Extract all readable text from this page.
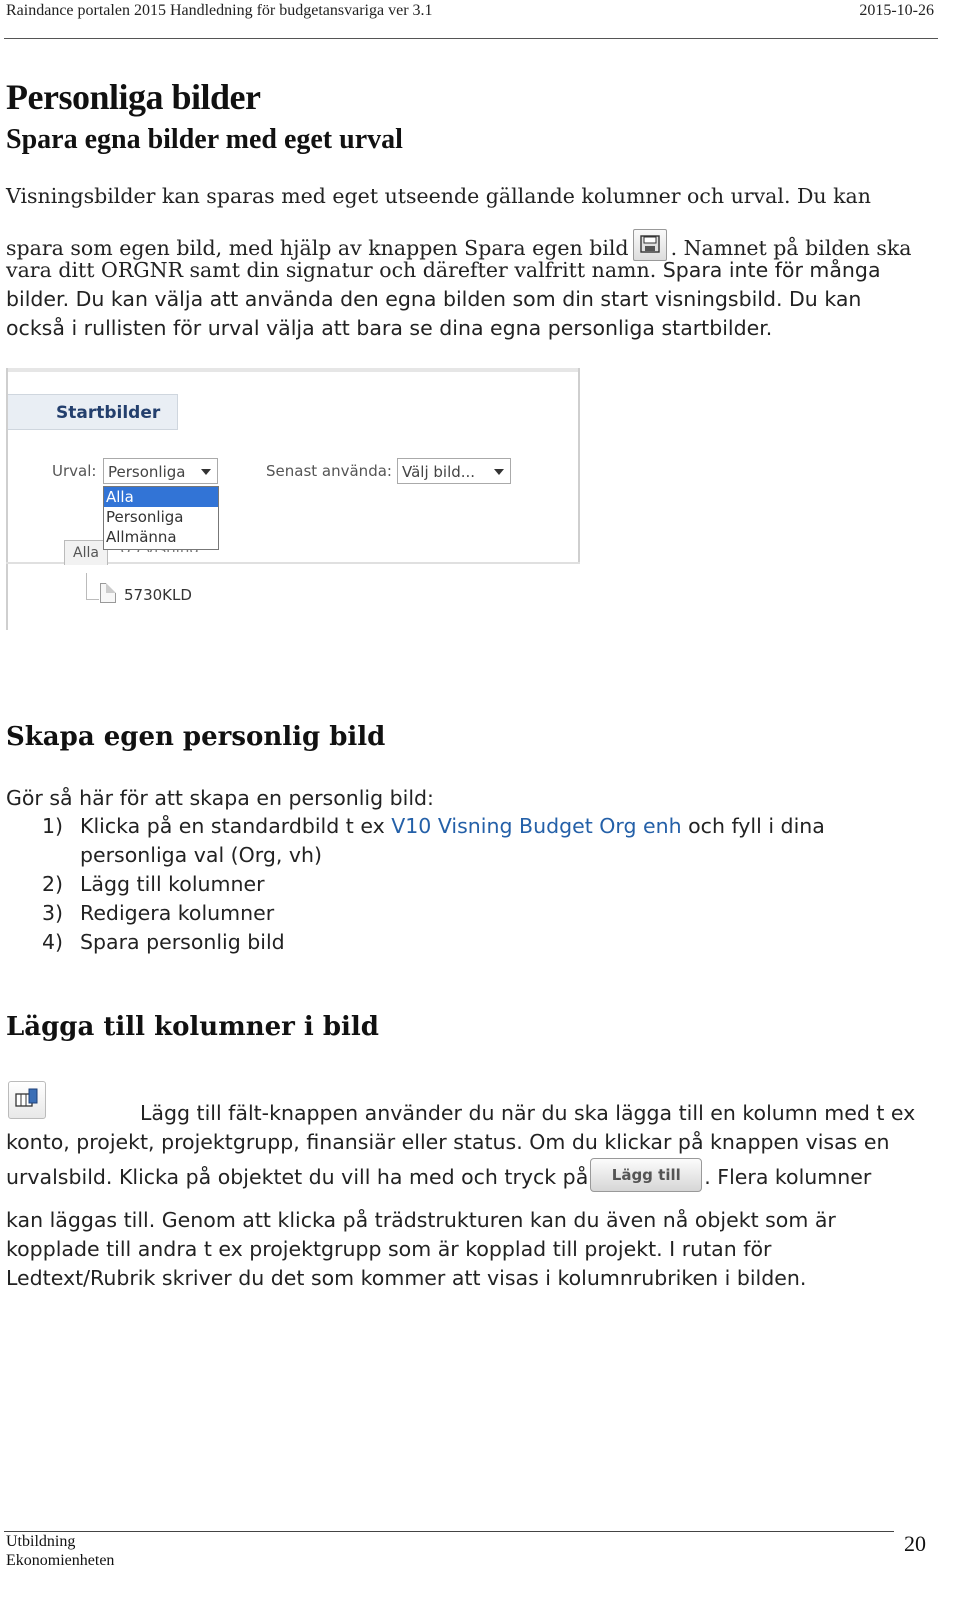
Raindance portalen 2015 Handledning för budgetansvariga ver 3.1	2015-10-26
Personliga bilder
Spara egna bilder med eget urval
Visningsbilder kan sparas med eget utseende gällande kolumner och urval. Du kan
spara som egen bild, med hjälp av knappen Spara egen bild . Namnet på bilden ska
vara ditt ORGNR samt din signatur och därefter valfritt namn. Spara inte för många
bilder. Du kan välja att använda den egna bilden som din start visningsbild. Du kan
också i rullisten för urval välja att bara se dina egna personliga startbilder.
Startbilder
Urval: Personliga	Senast använda: Välj bild...
Alla
Alla
Personliga
Allmänna
5730KLD
Skapa egen personlig bild
Gör så här för att skapa en personlig bild:
1) Klicka på en standardbild t ex V10 Visning Budget Org enh och fyll i dina
personliga val (Org, vh)
2) Lägg till kolumner
3) Redigera kolumner
4) Spara personlig bild
Lägga till kolumner i bild
Lägg till fält-knappen använder du när du ska lägga till en kolumn med t ex
konto, projekt, projektgrupp, finansiär eller status. Om du klickar på knappen visas en
urvalsbild. Klicka på objektet du vill ha med och tryck på Lägg till . Flera kolumner
kan läggas till. Genom att klicka på trädstrukturen kan du även nå objekt som är
kopplade till andra t ex projektgrupp som är kopplad till projekt. I rutan för
Ledtext/Rubrik skriver du det som kommer att visas i kolumnrubriken i bilden.
Utbildning
Ekonomienheten
20
